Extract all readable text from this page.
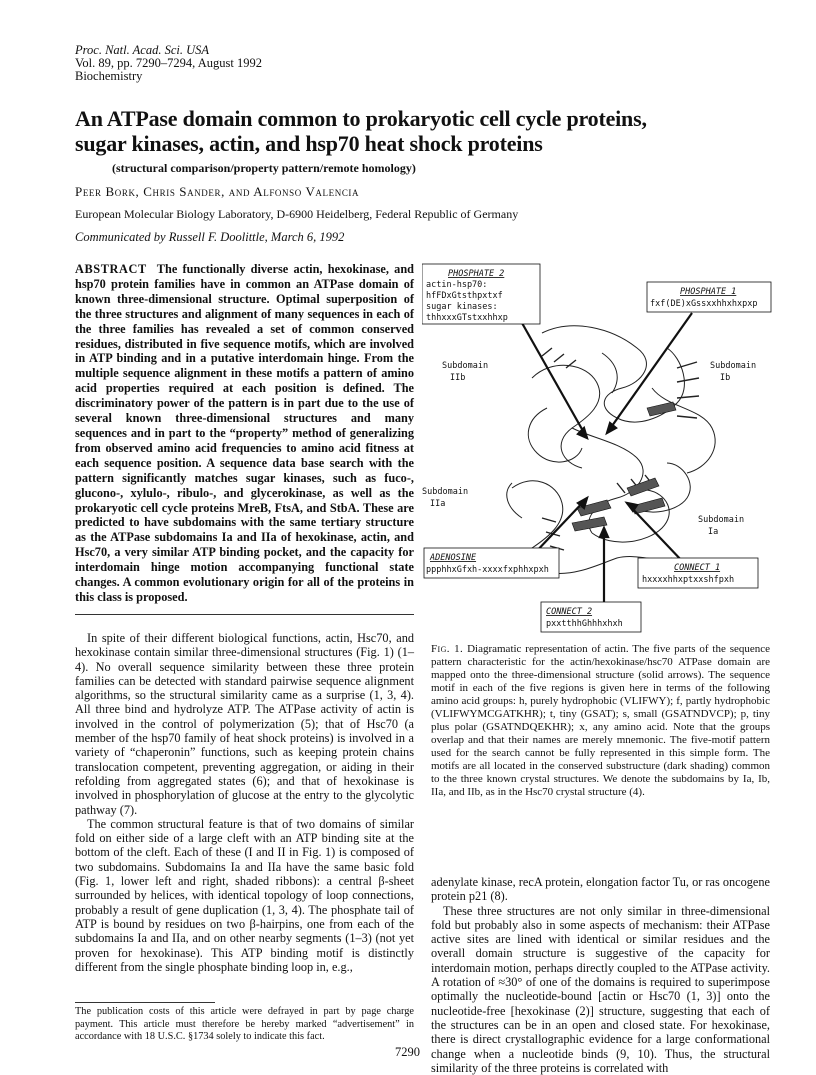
Proc. Natl. Acad. Sci. USA
Vol. 89, pp. 7290–7294, August 1992
Biochemistry
An ATPase domain common to prokaryotic cell cycle proteins,
sugar kinases, actin, and hsp70 heat shock proteins
(structural comparison/property pattern/remote homology)
Peer Bork, Chris Sander, and Alfonso Valencia
European Molecular Biology Laboratory, D-6900 Heidelberg, Federal Republic of Germany
Communicated by Russell F. Doolittle, March 6, 1992
ABSTRACT The functionally diverse actin, hexokinase, and hsp70 protein families have in common an ATPase domain of known three-dimensional structure. Optimal superposition of the three structures and alignment of many sequences in each of the three families has revealed a set of common conserved residues, distributed in five sequence motifs, which are involved in ATP binding and in a putative interdomain hinge. From the multiple sequence alignment in these motifs a pattern of amino acid properties required at each position is defined. The discriminatory power of the pattern is in part due to the use of several known three-dimensional structures and many sequences and in part to the “property” method of generalizing from observed amino acid frequencies to amino acid fitness at each sequence position. A sequence data base search with the pattern significantly matches sugar kinases, such as fuco-, glucono-, xylulo-, ribulo-, and glycerokinase, as well as the prokaryotic cell cycle proteins MreB, FtsA, and StbA. These are predicted to have subdomains with the same tertiary structure as the ATPase subdomains Ia and IIa of hexokinase, actin, and Hsc70, a very similar ATP binding pocket, and the capacity for interdomain hinge motion accompanying functional state changes. A common evolutionary origin for all of the proteins in this class is proposed.

In spite of their different biological functions, actin, Hsc70, and hexokinase contain similar three-dimensional structures (Fig. 1) (1–4). No overall sequence similarity between these three protein families can be detected with standard pairwise sequence alignment algorithms, so the structural similarity came as a surprise (1, 3, 4). All three bind and hydrolyze ATP. The ATPase activity of actin is involved in the control of polymerization (5); that of Hsc70 (a member of the hsp70 family of heat shock proteins) is involved in a variety of “chaperonin” functions, such as keeping protein chains translocation competent, preventing aggregation, or aiding in their refolding from aggregated states (6); and that of hexokinase is involved in phosphorylation of glucose at the entry to the glycolytic pathway (7).

The common structural feature is that of two domains of similar fold on either side of a large cleft with an ATP binding site at the bottom of the cleft. Each of these (I and II in Fig. 1) is composed of two subdomains. Subdomains Ia and IIa have the same basic fold (Fig. 1, lower left and right, shaded ribbons): a central β-sheet surrounded by helices, with identical topology of loop connections, probably a result of gene duplication (1, 3, 4). The phosphate tail of ATP is bound by residues on two β-hairpins, one from each of the subdomains Ia and IIa, and on other nearby segments (1–3) (not yet proven for hexokinase). This ATP binding motif is distinctly different from the single phosphate binding loop in, e.g.,

PHOSPHATE 2
actin-hsp70:
hfFDxGtsthpxtxf
sugar kinases:
thhxxxGTstxxhhxp
PHOSPHATE 1
fxf(DE)xGssxxhhxhxpxp
ADENOSINE
ppphhxGfxh-xxxxfxphhxpxh	CONNECT 1
hxxxxhhxptxxshfpxh
CONNECT 2
pxxtthhGhhhxhxh
Subdomain
IIb
Subdomain
Ib
Subdomain
IIa
Subdomain
Ia
Fig. 1. Diagramatic representation of actin. The five parts of the sequence pattern characteristic for the actin/hexokinase/hsc70 ATPase domain are mapped onto the three-dimensional structure (solid arrows). The sequence motif in each of the five regions is given here in terms of the following amino acid groups: h, purely hydrophobic (VLIFWY); f, partly hydrophobic (VLIFWYMCGATKHR); t, tiny (GSAT); s, small (GSATNDVCP); p, tiny plus polar (GSATNDQEKHR); x, any amino acid. Note that the groups overlap and that their names are merely mnemonic. The five-motif pattern used for the search cannot be fully represented in this simple form. The motifs are all located in the conserved substructure (dark shading) common to the three known crystal structures. We denote the subdomains by Ia, Ib, IIa, and IIb, as in the Hsc70 crystal structure (4).

adenylate kinase, recA protein, elongation factor Tu, or ras oncogene protein p21 (8).

These three structures are not only similar in three-dimensional fold but probably also in some aspects of mechanism: their ATPase active sites are lined with identical or similar residues and the overall domain structure is suggestive of the capacity for interdomain motion, perhaps directly coupled to the ATPase activity. A rotation of ≈30° of one of the domains is required to superimpose optimally the nucleotide-bound [actin or Hsc70 (1, 3)] onto the nucleotide-free [hexokinase (2)] structure, suggesting that each of the structures can be in an open and closed state. For hexokinase, there is direct crystallographic evidence for a large conformational change when a nucleotide binds (9, 10). Thus, the structural similarity of the three proteins is correlated with

The publication costs of this article were defrayed in part by page charge payment. This article must therefore be hereby marked “advertisement” in accordance with 18 U.S.C. §1734 solely to indicate this fact.
7290
